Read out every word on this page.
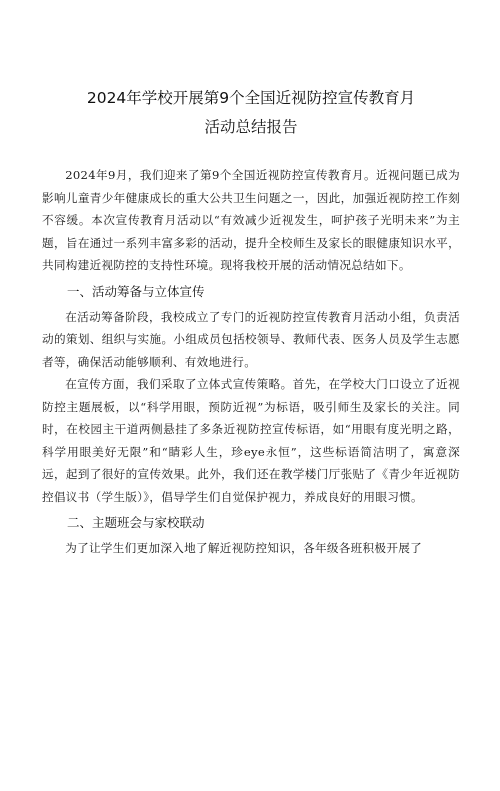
2024年学校开展第9个全国近视防控宣传教育月
活动总结报告

2024年9月，我们迎来了第9个全国近视防控宣传教育月。近视问题已成为影响儿童青少年健康成长的重大公共卫生问题之一，因此，加强近视防控工作刻不容缓。本次宣传教育月活动以“有效减少近视发生，呵护孩子光明未来”为主题，旨在通过一系列丰富多彩的活动，提升全校师生及家长的眼健康知识水平，共同构建近视防控的支持性环境。现将我校开展的活动情况总结如下。

一、活动筹备与立体宣传

在活动筹备阶段，我校成立了专门的近视防控宣传教育月活动小组，负责活动的策划、组织与实施。小组成员包括校领导、教师代表、医务人员及学生志愿者等，确保活动能够顺利、有效地进行。

在宣传方面，我们采取了立体式宣传策略。首先，在学校大门口设立了近视防控主题展板，以“科学用眼，预防近视”为标语，吸引师生及家长的关注。同时，在校园主干道两侧悬挂了多条近视防控宣传标语，如“用眼有度光明之路，科学用眼美好无限”和“睛彩人生，珍eye永恒”，这些标语简洁明了，寓意深远，起到了很好的宣传效果。此外，我们还在教学楼门厅张贴了《青少年近视防控倡议书（学生版）》，倡导学生们自觉保护视力，养成良好的用眼习惯。

二、主题班会与家校联动

为了让学生们更加深入地了解近视防控知识，各年级各班积极开展了
